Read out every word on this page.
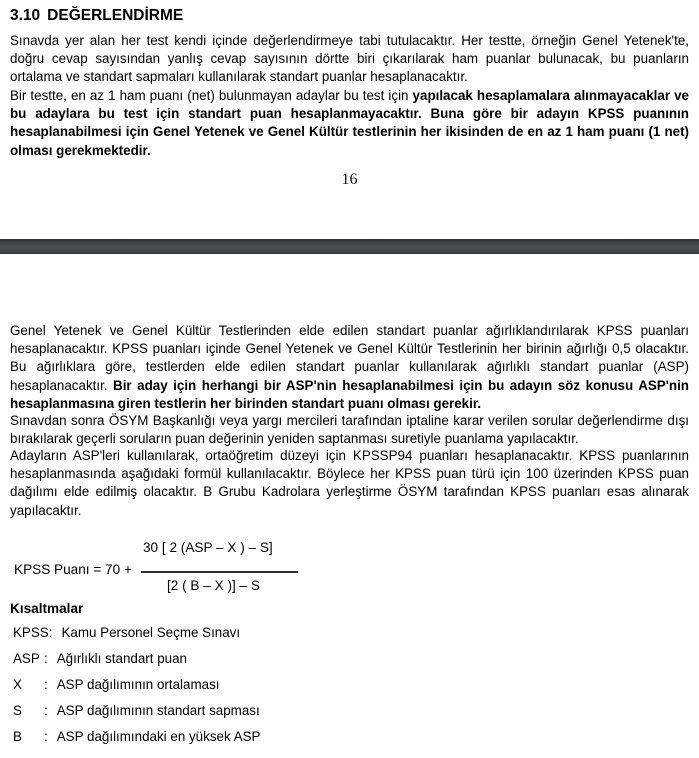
3.10 DEĞERLENDİRME

Sınavda yer alan her test kendi içinde değerlendirmeye tabi tutulacaktır. Her testte, örneğin Genel Yetenek'te, doğru cevap sayısından yanlış cevap sayısının dörtte biri çıkarılarak ham puanlar bulunacak, bu puanların ortalama ve standart sapmaları kullanılarak standart puanlar hesaplanacaktır.

Bir testte, en az 1 ham puanı (net) bulunmayan adaylar bu test için yapılacak hesaplamalara alınmayacaklar ve bu adaylara bu test için standart puan hesaplanmayacaktır. Buna göre bir adayın KPSS puanının hesaplanabilmesi için Genel Yetenek ve Genel Kültür testlerinin her ikisinden de en az 1 ham puanı (1 net) olması gerekmektedir.

16

Genel Yetenek ve Genel Kültür Testlerinden elde edilen standart puanlar ağırlıklandırılarak KPSS puanları hesaplanacaktır. KPSS puanları içinde Genel Yetenek ve Genel Kültür Testlerinin her birinin ağırlığı 0,5 olacaktır. Bu ağırlıklara göre, testlerden elde edilen standart puanlar kullanılarak ağırlıklı standart puanlar (ASP) hesaplanacaktır. Bir aday için herhangi bir ASP'nin hesaplanabilmesi için bu adayın söz konusu ASP'nin hesaplanmasına giren testlerin her birinden standart puanı olması gerekir.

Sınavdan sonra ÖSYM Başkanlığı veya yargı mercileri tarafından iptaline karar verilen sorular değerlendirme dışı bırakılarak geçerli soruların puan değerinin yeniden saptanması suretiyle puanlama yapılacaktır.

Adayların ASP'leri kullanılarak, ortaöğretim düzeyi için KPSSP94 puanları hesaplanacaktır. KPSS puanlarının hesaplanmasında aşağıdaki formül kullanılacaktır. Böylece her KPSS puan türü için 100 üzerinden KPSS puan dağılımı elde edilmiş olacaktır. B Grubu Kadrolara yerleştirme ÖSYM tarafından KPSS puanları esas alınarak yapılacaktır.

30 [ 2 (ASP – X ) – S]
KPSS Puanı = 70 +
[2 ( B – X )] – S
Kısaltmalar
KPSS : Kamu Personel Seçme Sınavı
ASP : Ağırlıklı standart puan
X	: ASP dağılımının ortalaması
S	: ASP dağılımının standart sapması
B	: ASP dağılımındaki en yüksek ASP
